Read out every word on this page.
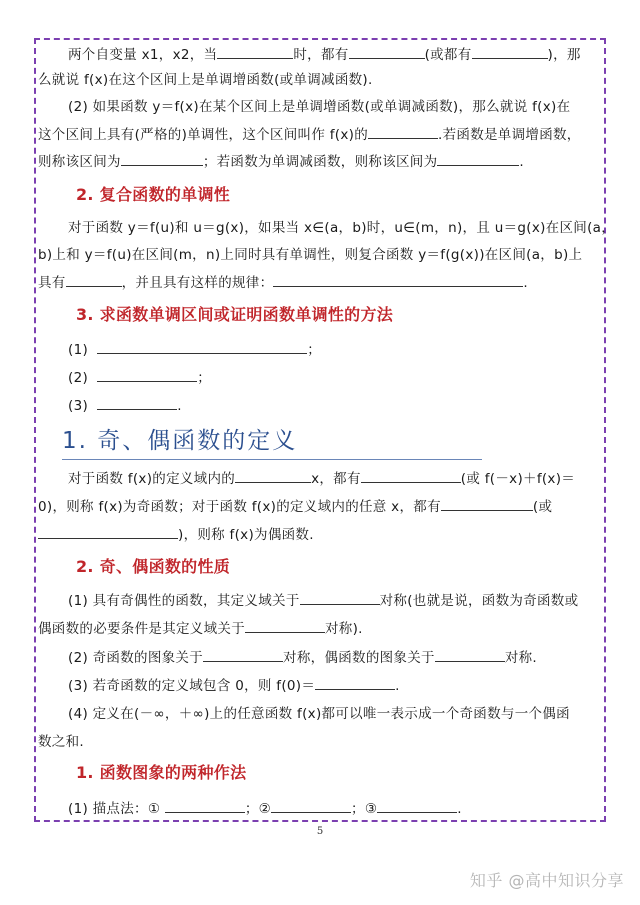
两个自变量 x1，x2，当	时，都有	(或都有	)，那
么就说 f(x)在这个区间上是单调增函数(或单调减函数).
(2) 如果函数 y＝f(x)在某个区间上是单调增函数(或单调减函数)，那么就说 f(x)在
这个区间上具有(严格的)单调性，这个区间叫作 f(x)的	.若函数是单调增函数，
则称该区间为	；若函数为单调减函数，则称该区间为	.
2. 复合函数的单调性
对于函数 y＝f(u)和 u＝g(x)，如果当 x∈(a，b)时，u∈(m，n)，且 u＝g(x)在区间(a，
b)上和 y＝f(u)在区间(m，n)上同时具有单调性，则复合函数 y＝f(g(x))在区间(a，b)上
具有	，并且具有这样的规律：	.
3. 求函数单调区间或证明函数单调性的方法
(1)	；
(2)	；
(3)	.
1. 奇、偶函数的定义
对于函数 f(x)的定义域内的	x，都有	(或 f(－x)＋f(x)＝
0)，则称 f(x)为奇函数；对于函数 f(x)的定义域内的任意 x，都有	(或
)，则称 f(x)为偶函数.
2. 奇、偶函数的性质
(1) 具有奇偶性的函数，其定义域关于	对称(也就是说，函数为奇函数或
偶函数的必要条件是其定义域关于	对称).
(2) 奇函数的图象关于	对称，偶函数的图象关于	对称.
(3) 若奇函数的定义域包含 0，则 f(0)＝	.
(4) 定义在(－∞，＋∞)上的任意函数 f(x)都可以唯一表示成一个奇函数与一个偶函
数之和.
1. 函数图象的两种作法
(1) 描点法：①	；②	；③	.
5
知乎 @高中知识分享
